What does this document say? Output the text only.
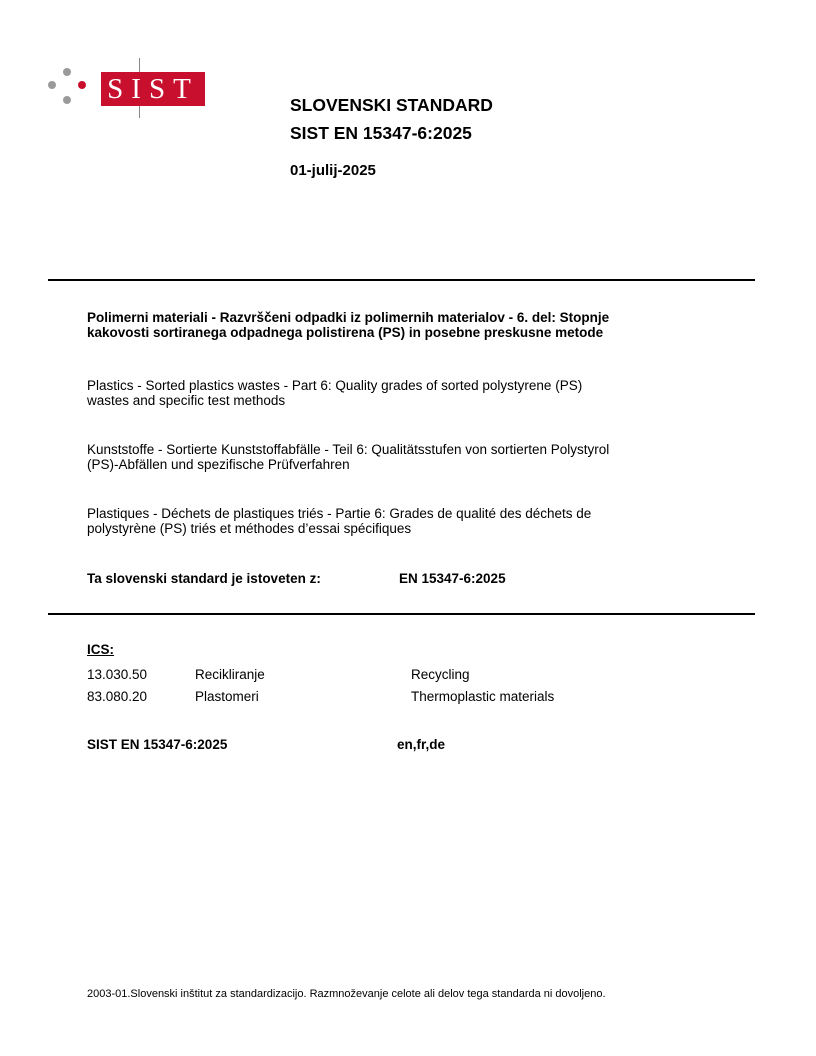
SIST	SLOVENSKI STANDARD
SIST EN 15347-6:2025
01-julij-2025
Polimerni materiali - Razvrščeni odpadki iz polimernih materialov - 6. del: Stopnje
kakovosti sortiranega odpadnega polistirena (PS) in posebne preskusne metode
Plastics - Sorted plastics wastes - Part 6: Quality grades of sorted polystyrene (PS)
wastes and specific test methods
Kunststoffe - Sortierte Kunststoffabfälle - Teil 6: Qualitätsstufen von sortierten Polystyrol
(PS)-Abfällen und spezifische Prüfverfahren
Plastiques - Déchets de plastiques triés - Partie 6: Grades de qualité des déchets de
polystyrène (PS) triés et méthodes d’essai spécifiques
Ta slovenski standard je istoveten z:	EN 15347-6:2025
ICS:
13.030.50	Recikliranje	Recycling
83.080.20	Plastomeri	Thermoplastic materials
SIST EN 15347-6:2025	en,fr,de
2003-01.Slovenski inštitut za standardizacijo. Razmnoževanje celote ali delov tega standarda ni dovoljeno.
